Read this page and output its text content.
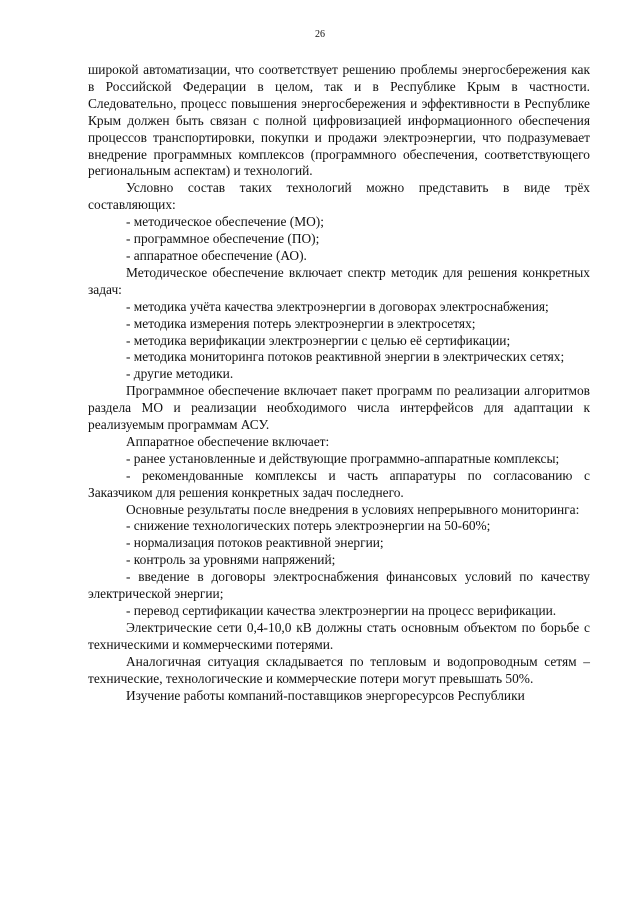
26

широкой автоматизации, что соответствует решению проблемы энергосбережения как в Российской Федерации в целом, так и в Республике Крым в частности. Следовательно, процесс повышения энергосбережения и эффективности в Республике Крым должен быть связан с полной цифровизацией информационного обеспечения процессов транспортировки, покупки и продажи электроэнергии, что подразумевает внедрение программных комплексов (программного обеспечения, соответствующего региональным аспектам) и технологий.

Условно состав таких технологий можно представить в виде трёх составляющих:

- методическое обеспечение (МО);

- программное обеспечение (ПО);

- аппаратное обеспечение (АО).

Методическое обеспечение включает спектр методик для решения конкретных задач:

- методика учёта качества электроэнергии в договорах электроснабжения;

- методика измерения потерь электроэнергии в электросетях;

- методика верификации электроэнергии с целью её сертификации;

- методика мониторинга потоков реактивной энергии в электрических сетях;

- другие методики.

Программное обеспечение включает пакет программ по реализации алгоритмов раздела МО и реализации необходимого числа интерфейсов для адаптации к реализуемым программам АСУ.

Аппаратное обеспечение включает:

- ранее установленные и действующие программно-аппаратные комплексы;

- рекомендованные комплексы и часть аппаратуры по согласованию с Заказчиком для решения конкретных задач последнего.

Основные результаты после внедрения в условиях непрерывного мониторинга:

- снижение технологических потерь электроэнергии на 50-60%;

- нормализация потоков реактивной энергии;

- контроль за уровнями напряжений;

- введение в договоры электроснабжения финансовых условий по качеству электрической энергии;

- перевод сертификации качества электроэнергии на процесс верификации.

Электрические сети 0,4-10,0 кВ должны стать основным объектом по борьбе с техническими и коммерческими потерями.

Аналогичная ситуация складывается по тепловым и водопроводным сетям – технические, технологические и коммерческие потери могут превышать 50%.

Изучение работы компаний-поставщиков энергоресурсов Республики
